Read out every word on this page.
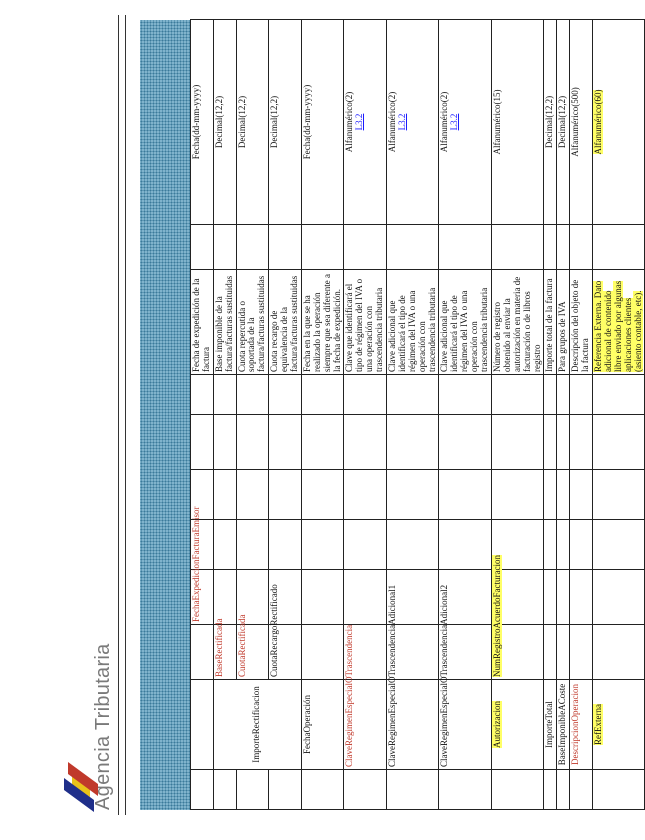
Agencia Tributaria
			FechaExpedicionFacturaEmisor					Fecha de expedición de la factura		Fecha(dd-mm-yyyy)
	ImporteRectificacion	BaseRectificada						Base imponible de la factura/facturas sustituidas		Decimal(12,2)
		CuotaRectificada						Cuota repercutida o soportada de la factura/facturas sustituidas		Decimal(12,2)
		CuotaRecargoRectificado						Cuota recargo de equivalencia de la factura/facturas sustituidas		Decimal(12,2)
	FechaOperación							Fecha en la que se ha realizado la operación siempre que sea diferente a la fecha de expedición.		Fecha(dd-mm-yyyy)
	ClaveRegimenEspecialOTrascendencia							Clave que identificará el tipo de régimen del IVA o una operación con trascendencia tributaria		Alfanumérico(2) L3.2

	ClaveRegimenEspecialOTrascendenciaAdicional1							Clave adicional que identificará el tipo de régimen del IVA o una operación con trascendencia tributaria		Alfanumérico(2) L3.2

	ClaveRegimenEspecialOTrascendenciaAdicional2							Clave adicional que identificará el tipo de régimen del IVA o una operación con trascendencia tributaria		Alfanumérico(2) L3.2

	Autorizacion	NumRegistroAcuerdoFacturacion						Número de registro obtenido al enviar la autorización en materia de facturación o de libros registro		Alfanumérico(15)
	ImporteTotal							Importe total de la factura		Decimal(12,2)
	BaseImponibleACoste							Para grupos de IVA		Decimal(12,2)
	DescripcionOperacion							Descripción del objeto de la factura		Alfanumérico(500)
	RefExterna							Referencia Externa. Dato adicional de contenido libre enviado por algunas aplicaciones clientes (asiento contable, etc).		Alfanumérico(60)
